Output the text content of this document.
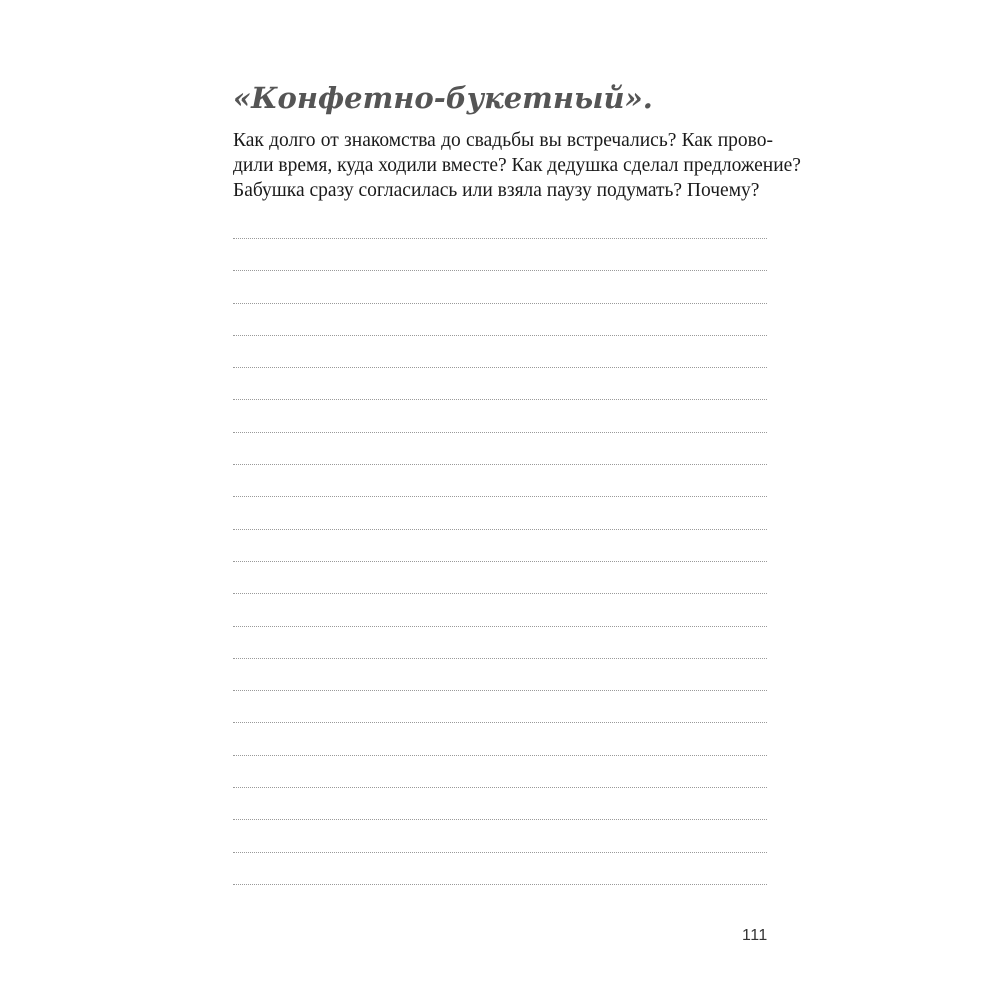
«Конфетно-букетный».
Как долго от знакомства до свадьбы вы встречались? Как прово-
дили время, куда ходили вместе? Как дедушка сделал предложение?
Бабушка сразу согласилась или взяла паузу подумать? Почему?
111
